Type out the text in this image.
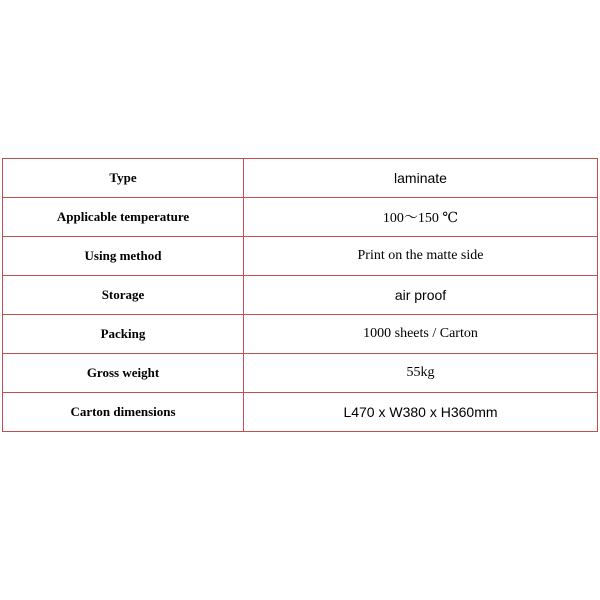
Type	laminate
Applicable temperature	100～150 ℃
Using method	Print on the matte side
Storage	air proof
Packing	1000 sheets / Carton
Gross weight	55kg
Carton dimensions	L470 x W380 x H360mm
